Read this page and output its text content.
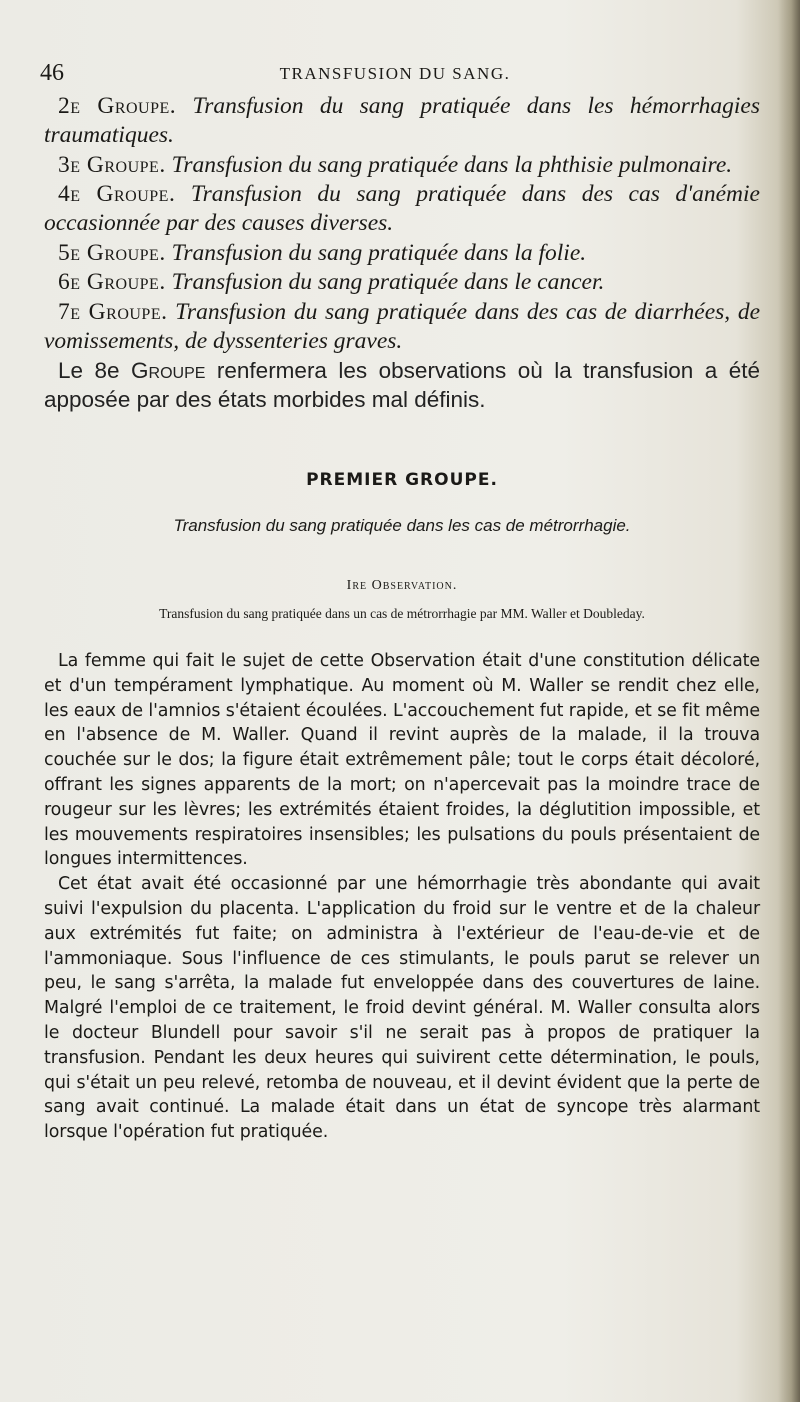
46	TRANSFUSION DU SANG.

2e Groupe. Transfusion du sang pratiquée dans les hémorrhagies traumatiques.

3e Groupe. Transfusion du sang pratiquée dans la phthisie pulmonaire.

4e Groupe. Transfusion du sang pratiquée dans des cas d'anémie occasionnée par des causes diverses.

5e Groupe. Transfusion du sang pratiquée dans la folie.

6e Groupe. Transfusion du sang pratiquée dans le cancer.

7e Groupe. Transfusion du sang pratiquée dans des cas de diarrhées, de vomissements, de dyssenteries graves.

Le 8e Groupe renfermera les observations où la transfusion a été apposée par des états morbides mal définis.

PREMIER GROUPE.
Transfusion du sang pratiquée dans les cas de métrorrhagie.
Ire Observation.
Transfusion du sang pratiquée dans un cas de métrorrhagie par MM. Waller et Doubleday.

La femme qui fait le sujet de cette Observation était d'une constitution délicate et d'un tempérament lymphatique. Au moment où M. Waller se rendit chez elle, les eaux de l'amnios s'étaient écoulées. L'accouchement fut rapide, et se fit même en l'absence de M. Waller. Quand il revint auprès de la malade, il la trouva couchée sur le dos; la figure était extrêmement pâle; tout le corps était décoloré, offrant les signes apparents de la mort; on n'apercevait pas la moindre trace de rougeur sur les lèvres; les extrémités étaient froides, la déglutition impossible, et les mouvements respiratoires insensibles; les pulsations du pouls présentaient de longues intermittences.

Cet état avait été occasionné par une hémorrhagie très abondante qui avait suivi l'expulsion du placenta. L'application du froid sur le ventre et de la chaleur aux extrémités fut faite; on administra à l'extérieur de l'eau-de-vie et de l'ammoniaque. Sous l'influence de ces stimulants, le pouls parut se relever un peu, le sang s'arrêta, la malade fut enveloppée dans des couvertures de laine. Malgré l'emploi de ce traitement, le froid devint général. M. Waller consulta alors le docteur Blundell pour savoir s'il ne serait pas à propos de pratiquer la transfusion. Pendant les deux heures qui suivirent cette détermination, le pouls, qui s'était un peu relevé, retomba de nouveau, et il devint évident que la perte de sang avait continué. La malade était dans un état de syncope très alarmant lorsque l'opération fut pratiquée.
